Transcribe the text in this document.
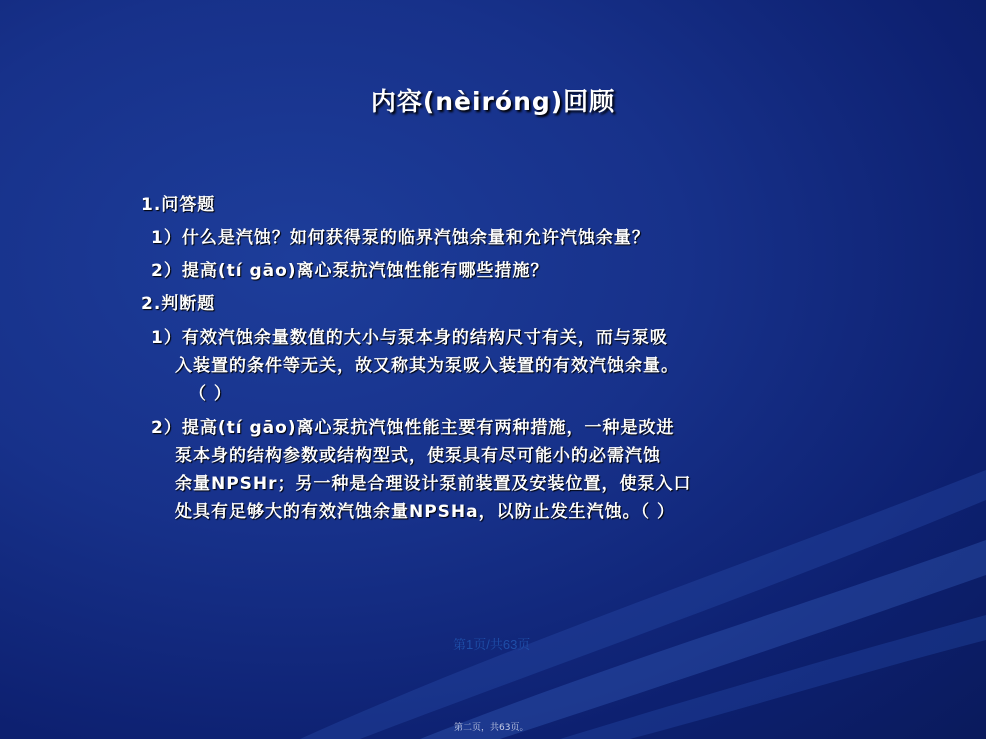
内容(nèiróng)回顾
1.问答题
1）什么是汽蚀？如何获得泵的临界汽蚀余量和允许汽蚀余量？
2）提高(tí gāo)离心泵抗汽蚀性能有哪些措施？
2.判断题
1）有效汽蚀余量数值的大小与泵本身的结构尺寸有关，而与泵吸
入装置的条件等无关，故又称其为泵吸入装置的有效汽蚀余量。
（ ）
2）提高(tí gāo)离心泵抗汽蚀性能主要有两种措施，一种是改进
泵本身的结构参数或结构型式，使泵具有尽可能小的必需汽蚀
余量NPSHr；另一种是合理设计泵前装置及安装位置，使泵入口
处具有足够大的有效汽蚀余量NPSHa，以防止发生汽蚀。（ ）
第1页/共63页
第二页，共63页。
